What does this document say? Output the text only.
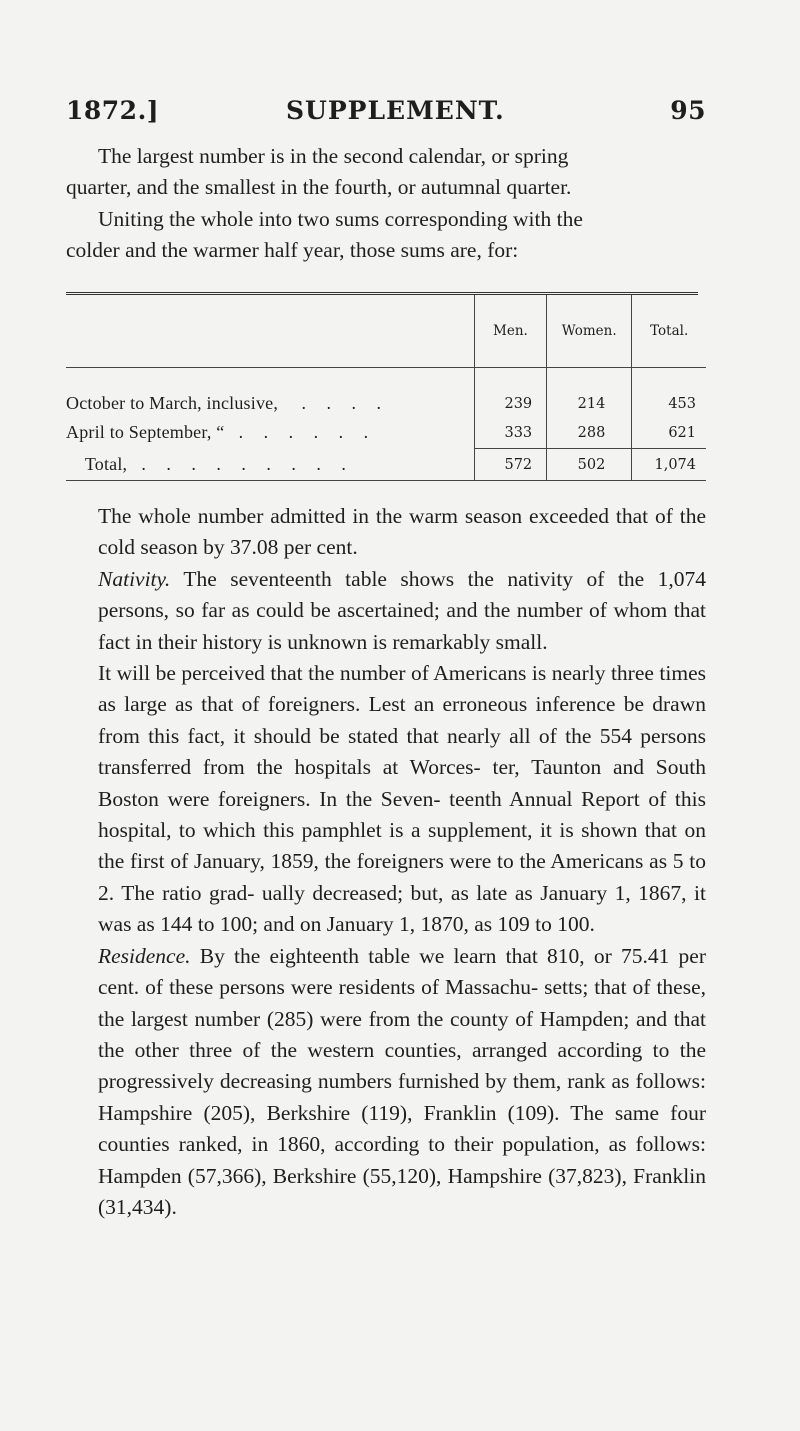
1872.]	SUPPLEMENT.	95
The largest number is in the second calendar, or spring
quarter, and the smallest in the fourth, or autumnal quarter.
Uniting the whole into two sums corresponding with the
colder and the warmer half year, those sums are, for:
	Men.	Women.	Total.
October to March, inclusive, . . . .	239	214	453
April to September, “ . . . . . .	333	288	621
Total, . . . . . . . . .	572	502	1,074
The whole number admitted in the warm season exceeded that of the cold season by 37.08 per cent.
Nativity. The seventeenth table shows the nativity of the 1,074 persons, so far as could be ascertained; and the number of whom that fact in their history is unknown is remarkably small.
It will be perceived that the number of Americans is nearly three times as large as that of foreigners. Lest an erroneous inference be drawn from this fact, it should be stated that nearly all of the 554 persons transferred from the hospitals at Worces- ter, Taunton and South Boston were foreigners. In the Seven- teenth Annual Report of this hospital, to which this pamphlet is a supplement, it is shown that on the first of January, 1859, the foreigners were to the Americans as 5 to 2. The ratio grad- ually decreased; but, as late as January 1, 1867, it was as 144 to 100; and on January 1, 1870, as 109 to 100.
Residence. By the eighteenth table we learn that 810, or 75.41 per cent. of these persons were residents of Massachu- setts; that of these, the largest number (285) were from the county of Hampden; and that the other three of the western counties, arranged according to the progressively decreasing numbers furnished by them, rank as follows: Hampshire (205), Berkshire (119), Franklin (109). The same four counties ranked, in 1860, according to their population, as follows: Hampden (57,366), Berkshire (55,120), Hampshire (37,823), Franklin (31,434).
